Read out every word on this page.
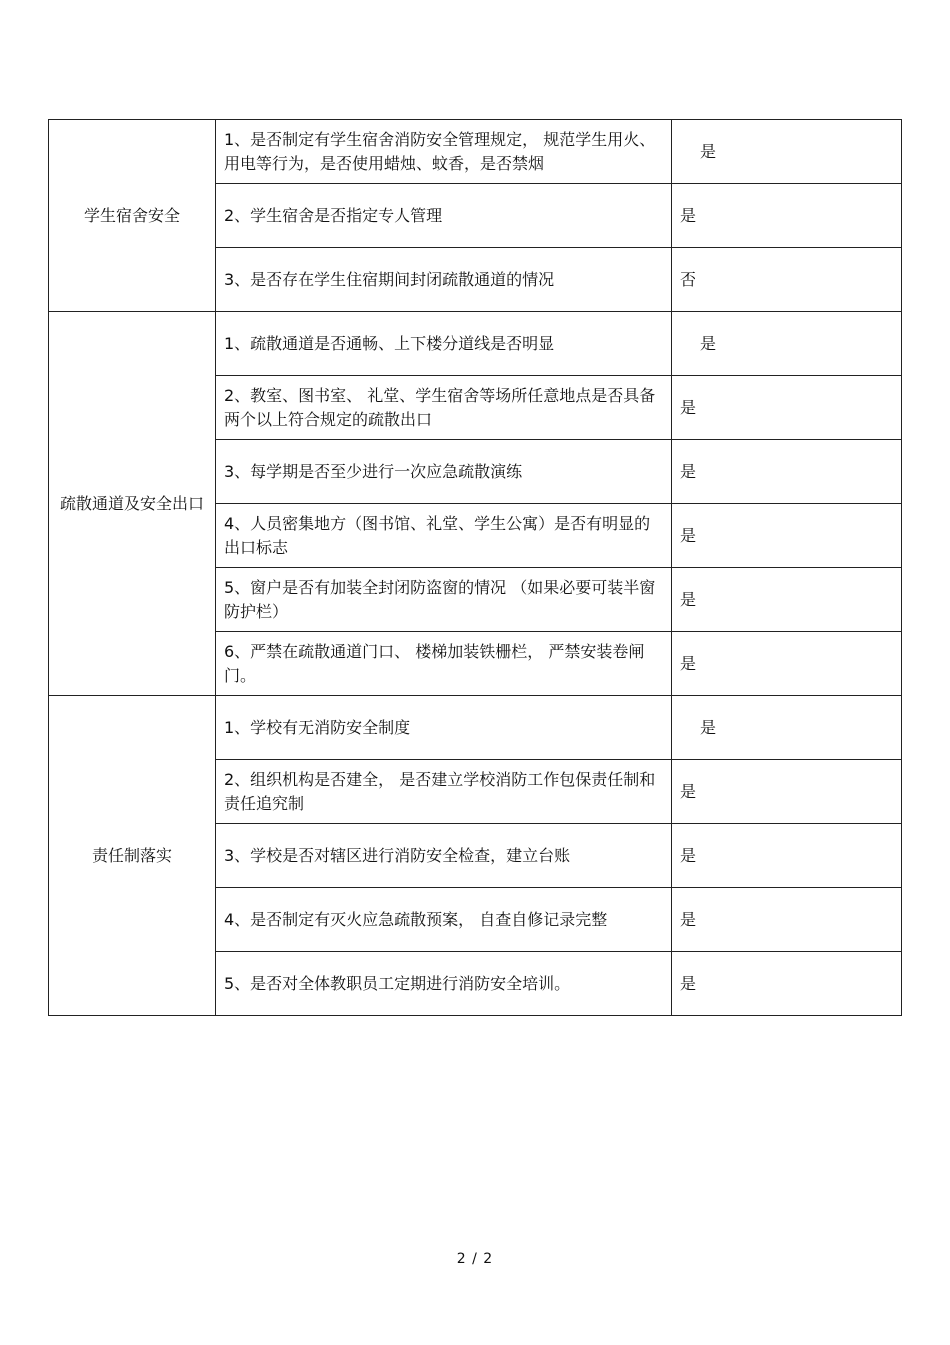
学生宿舍安全	1、是否制定有学生宿舍消防安全管理规定， 规范学生用火、用电等行为，是否使用蜡烛、蚊香，是否禁烟	是
	2、学生宿舍是否指定专人管理	是
	3、是否存在学生住宿期间封闭疏散通道的情况	否
疏散通道及安全出口	1、疏散通道是否通畅、上下楼分道线是否明显	是
	2、教室、图书室、 礼堂、学生宿舍等场所任意地点是否具备两个以上符合规定的疏散出口	是
	3、每学期是否至少进行一次应急疏散演练	是
	4、人员密集地方（图书馆、礼堂、学生公寓）是否有明显的出口标志	是
	5、窗户是否有加装全封闭防盗窗的情况 （如果必要可装半窗防护栏）	是
	6、严禁在疏散通道门口、 楼梯加装铁栅栏， 严禁安装卷闸门。	是
责任制落实	1、学校有无消防安全制度	是
	2、组织机构是否建全， 是否建立学校消防工作包保责任制和责任追究制	是
	3、学校是否对辖区进行消防安全检查，建立台账	是
	4、是否制定有灭火应急疏散预案， 自查自修记录完整	是
	5、是否对全体教职员工定期进行消防安全培训。	是
2 / 2
